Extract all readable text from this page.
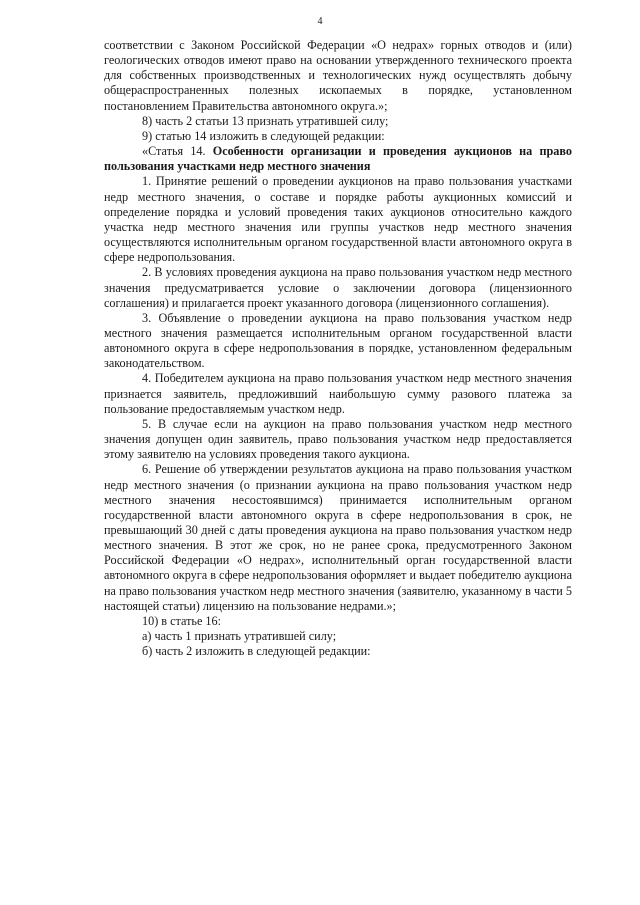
4

соответствии с Законом Российской Федерации «О недрах» горных отводов и (или) геологических отводов имеют право на основании утвержденного технического проекта для собственных производственных и технологических нужд осуществлять добычу общераспространенных полезных ископаемых в порядке, установленном постановлением Правительства автономного округа.»;

8) часть 2 статьи 13 признать утратившей силу;

9) статью 14 изложить в следующей редакции:

«Статья 14. Особенности организации и проведения аукционов на право пользования участками недр местного значения

1. Принятие решений о проведении аукционов на право пользования участками недр местного значения, о составе и порядке работы аукционных комиссий и определение порядка и условий проведения таких аукционов относительно каждого участка недр местного значения или группы участков недр местного значения осуществляются исполнительным органом государственной власти автономного округа в сфере недропользования.

2. В условиях проведения аукциона на право пользования участком недр местного значения предусматривается условие о заключении договора (лицензионного соглашения) и прилагается проект указанного договора (лицензионного соглашения).

3. Объявление о проведении аукциона на право пользования участком недр местного значения размещается исполнительным органом государственной власти автономного округа в сфере недропользования в порядке, установленном федеральным законодательством.

4. Победителем аукциона на право пользования участком недр местного значения признается заявитель, предложивший наибольшую сумму разового платежа за пользование предоставляемым участком недр.

5. В случае если на аукцион на право пользования участком недр местного значения допущен один заявитель, право пользования участком недр предоставляется этому заявителю на условиях проведения такого аукциона.

6. Решение об утверждении результатов аукциона на право пользования участком недр местного значения (о признании аукциона на право пользования участком недр местного значения несостоявшимся) принимается исполнительным органом государственной власти автономного округа в сфере недропользования в срок, не превышающий 30 дней с даты проведения аукциона на право пользования участком недр местного значения. В этот же срок, но не ранее срока, предусмотренного Законом Российской Федерации «О недрах», исполнительный орган государственной власти автономного округа в сфере недропользования оформляет и выдает победителю аукциона на право пользования участком недр местного значения (заявителю, указанному в части 5 настоящей статьи) лицензию на пользование недрами.»;

10) в статье 16:

а) часть 1 признать утратившей силу;

б) часть 2 изложить в следующей редакции:
